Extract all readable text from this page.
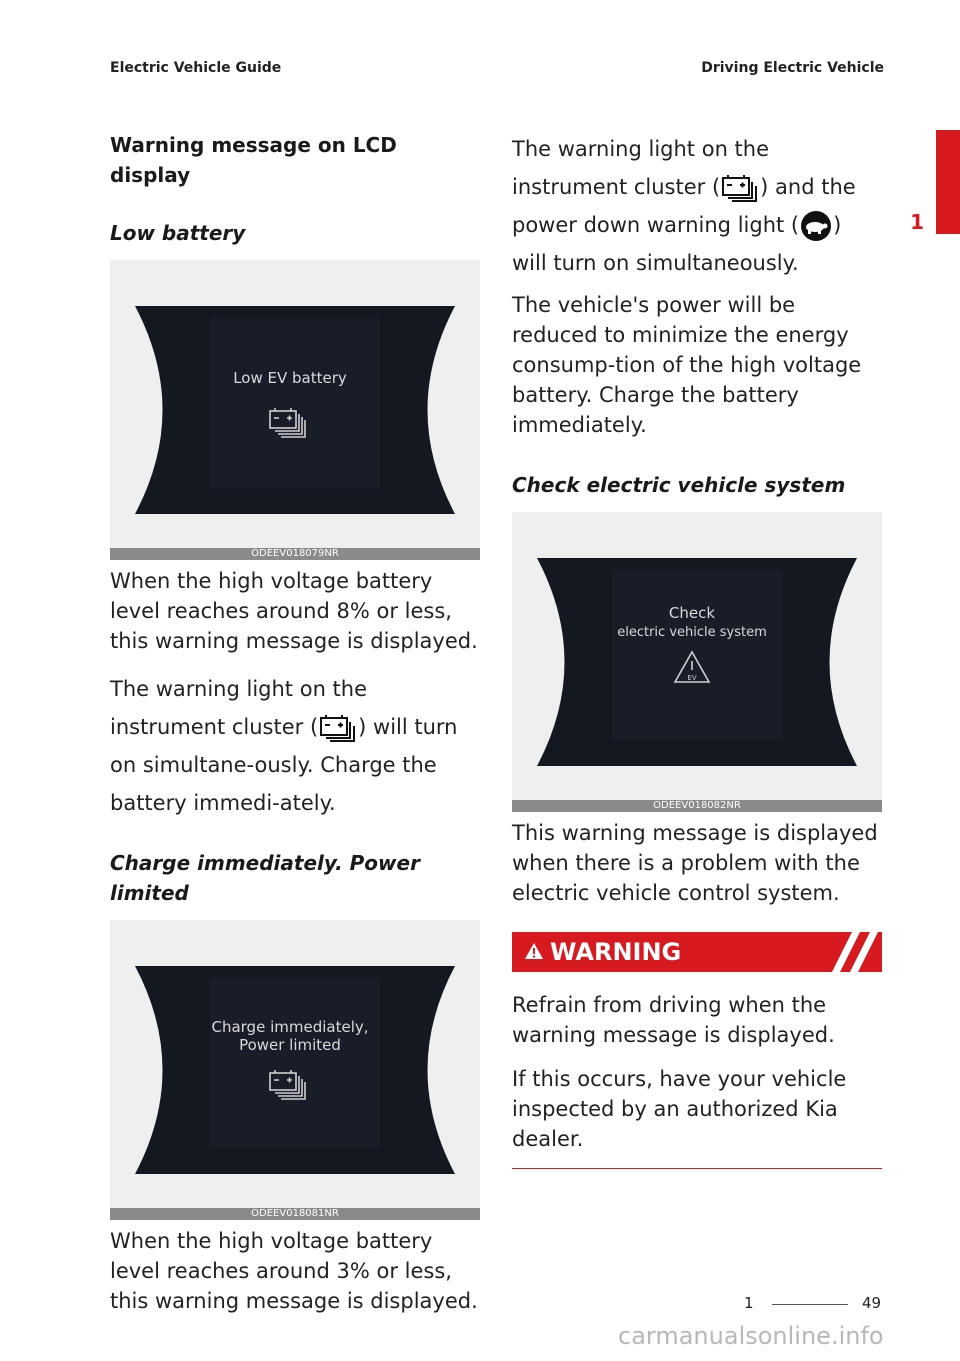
Electric Vehicle Guide	Driving Electric Vehicle
1
Warning message on LCD display
Low battery
Low EV battery
ODEEV018079NR

When the high voltage battery level reaches around 8% or less, this warning message is displayed.

The warning light on the instrument cluster ( ) will turn on simultane-ously. Charge the battery immedi-ately.

Charge immediately. Power limited
Charge immediately,
Power limited
ODEEV018081NR

When the high voltage battery level reaches around 3% or less, this warning message is displayed.

The warning light on the instrument cluster ( ) and the power down warning light ( ) will turn on simultaneously.

The vehicle's power will be reduced to minimize the energy consump-tion of the high voltage battery. Charge the battery immediately.

Check electric vehicle system
Check
electric vehicle system
EV
ODEEV018082NR

This warning message is displayed when there is a problem with the electric vehicle control system.

WARNING

Refrain from driving when the warning message is displayed.

If this occurs, have your vehicle inspected by an authorized Kia dealer.

1	49
carmanualsonline.info
